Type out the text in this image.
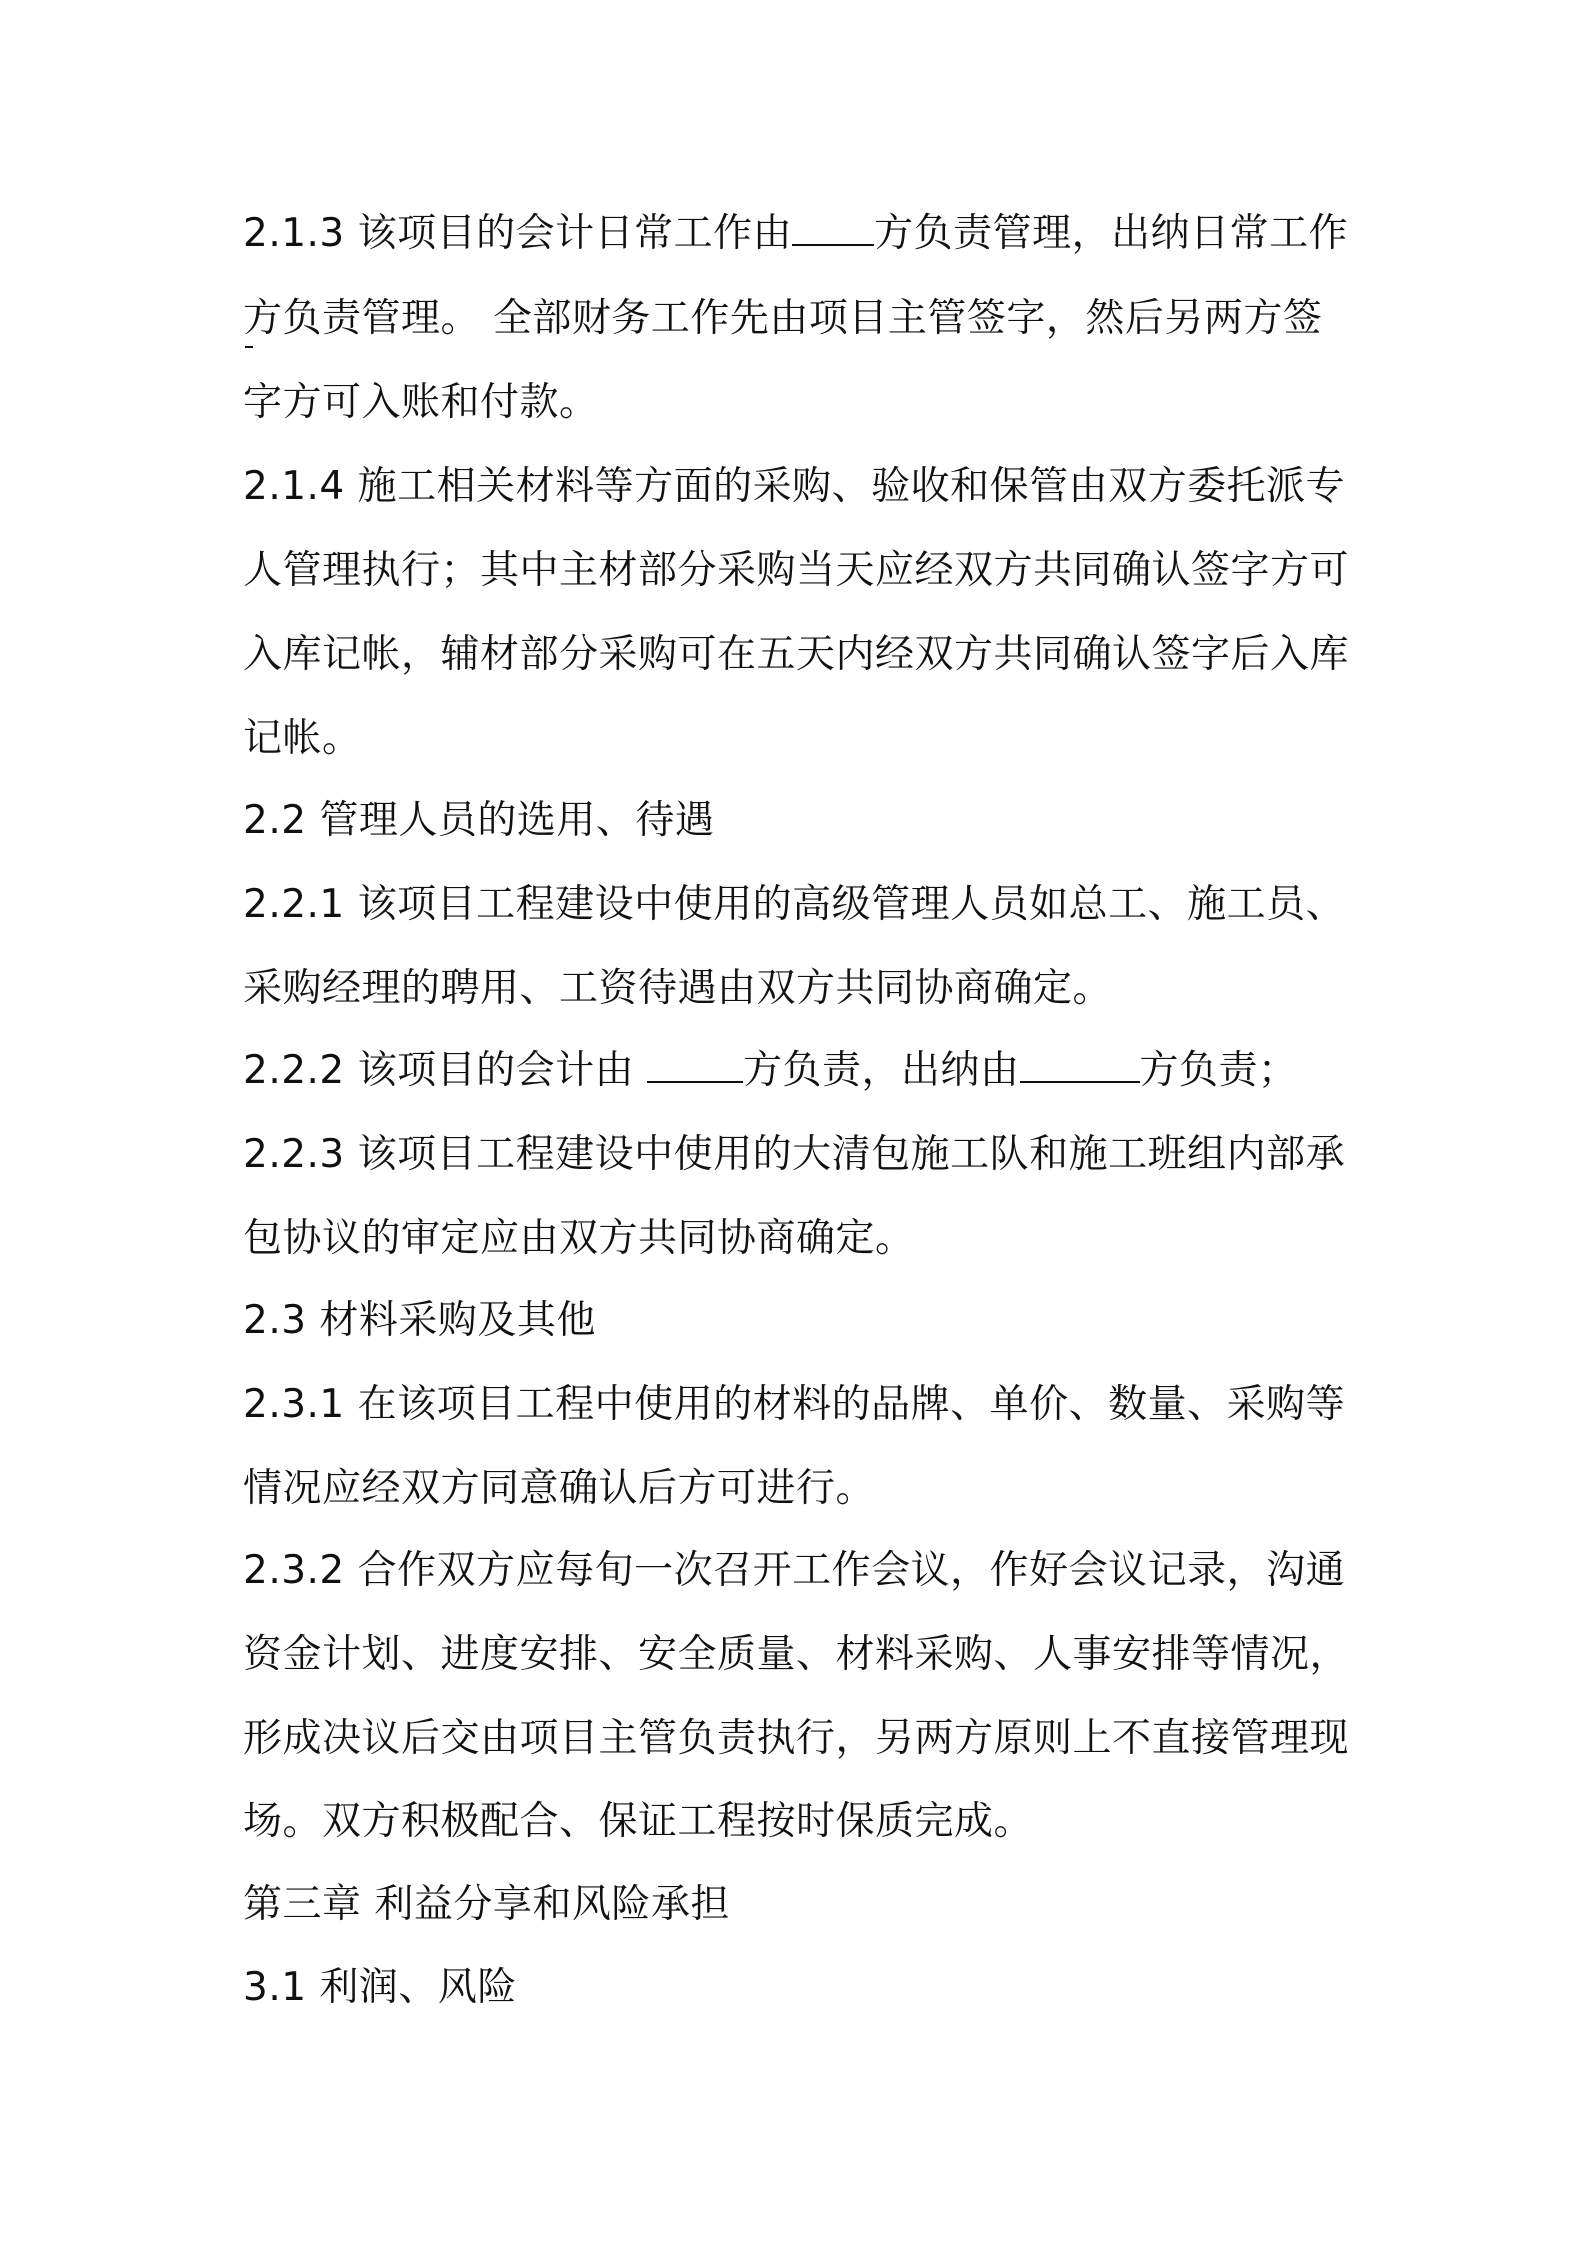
2.1.3 该项目的会计日常工作由 方负责管理，出纳日常工作
方负责管理。 全部财务工作先由项目主管签字，然后另两方签
字方可入账和付款。
2.1.4 施工相关材料等方面的采购、验收和保管由双方委托派专
人管理执行；其中主材部分采购当天应经双方共同确认签字方可
入库记帐，辅材部分采购可在五天内经双方共同确认签字后入库
记帐。
2.2 管理人员的选用、待遇
2.2.1 该项目工程建设中使用的高级管理人员如总工、施工员、
采购经理的聘用、工资待遇由双方共同协商确定。
2.2.2 该项目的会计由 方负责，出纳由	方负责；
2.2.3 该项目工程建设中使用的大清包施工队和施工班组内部承
包协议的审定应由双方共同协商确定。
2.3 材料采购及其他
2.3.1 在该项目工程中使用的材料的品牌、单价、数量、采购等
情况应经双方同意确认后方可进行。
2.3.2 合作双方应每旬一次召开工作会议，作好会议记录，沟通
资金计划、进度安排、安全质量、材料采购、人事安排等情况，
形成决议后交由项目主管负责执行，另两方原则上不直接管理现
场。双方积极配合、保证工程按时保质完成。
第三章 利益分享和风险承担
3.1 利润、风险
